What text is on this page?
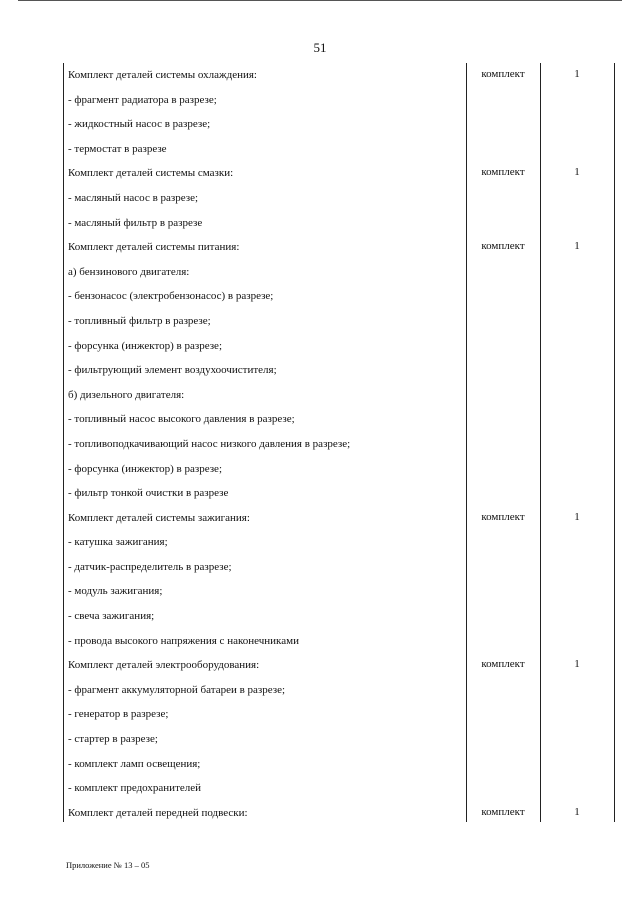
51
Комплект деталей системы охлаждения:	комплект	1
- фрагмент радиатора в разрезе;
- жидкостный насос в разрезе;
- термостат в разрезе
Комплект деталей системы смазки:	комплект	1
- масляный насос в разрезе;
- масляный фильтр в разрезе
Комплект деталей системы питания:	комплект	1
а) бензинового двигателя:
- бензонасос (электробензонасос) в разрезе;
- топливный фильтр в разрезе;
- форсунка (инжектор) в разрезе;
- фильтрующий элемент воздухоочистителя;
б) дизельного двигателя:
- топливный насос высокого давления в разрезе;
- топливоподкачивающий насос низкого давления в разрезе;
- форсунка (инжектор) в разрезе;
- фильтр тонкой очистки в разрезе
Комплект деталей системы зажигания:	комплект	1
- катушка зажигания;
- датчик-распределитель в разрезе;
- модуль зажигания;
- свеча зажигания;
- провода высокого напряжения с наконечниками
Комплект деталей электрооборудования:	комплект	1
- фрагмент аккумуляторной батареи в разрезе;
- генератор в разрезе;
- стартер в разрезе;
- комплект ламп освещения;
- комплект предохранителей
Комплект деталей передней подвески:	комплект	1
Приложение № 13 – 05
